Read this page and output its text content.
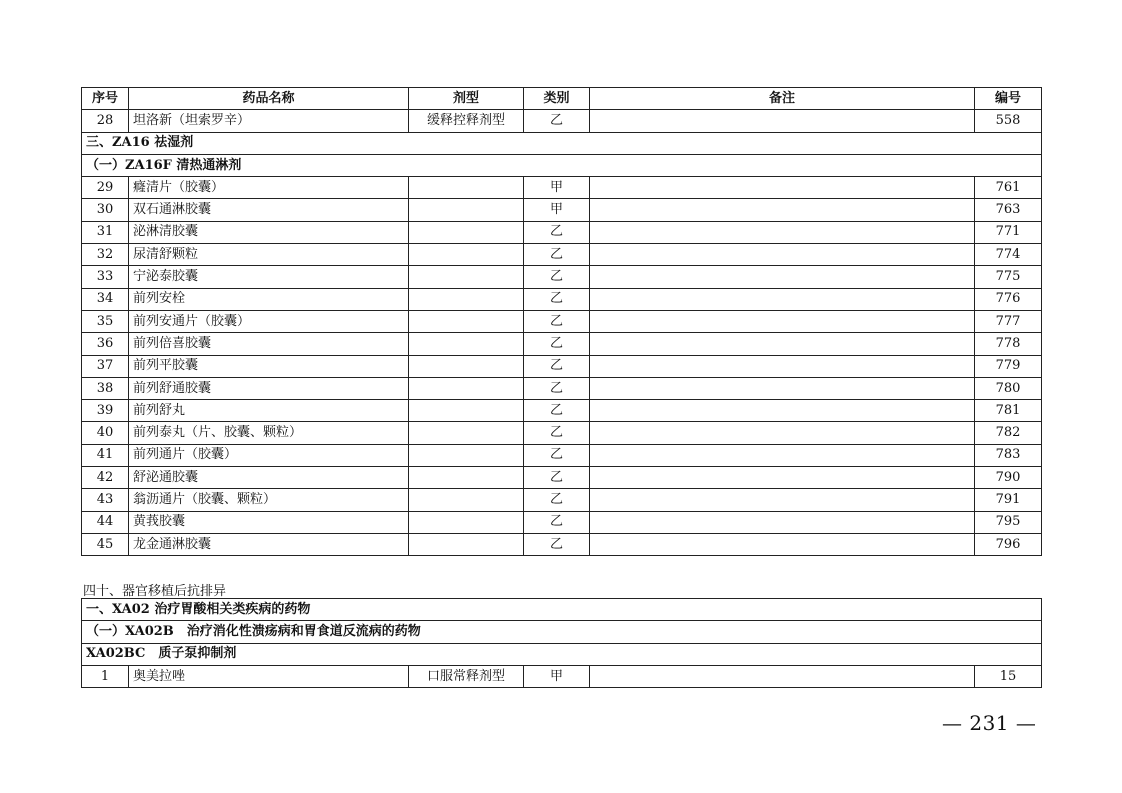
序号	药品名称	剂型	类别	备注	编号
28	坦洛新（坦索罗辛）	缓释控释剂型	乙		558
三、ZA16 祛湿剂					
（一）ZA16F 清热通淋剂					
29	癃清片（胶囊）		甲		761
30	双石通淋胶囊		甲		763
31	泌淋清胶囊		乙		771
32	尿清舒颗粒		乙		774
33	宁泌泰胶囊		乙		775
34	前列安栓		乙		776
35	前列安通片（胶囊）		乙		777
36	前列倍喜胶囊		乙		778
37	前列平胶囊		乙		779
38	前列舒通胶囊		乙		780
39	前列舒丸		乙		781
40	前列泰丸（片、胶囊、颗粒）		乙		782
41	前列通片（胶囊）		乙		783
42	舒泌通胶囊		乙		790
43	翁沥通片（胶囊、颗粒）		乙		791
44	黄莪胶囊		乙		795
45	龙金通淋胶囊		乙		796
四十、器官移植后抗排异
一、XA02 治疗胃酸相关类疾病的药物
（一）XA02B　治疗消化性溃疡病和胃食道反流病的药物
XA02BC　质子泵抑制剂
1	奥美拉唑	口服常释剂型	甲		15
— 231 —
